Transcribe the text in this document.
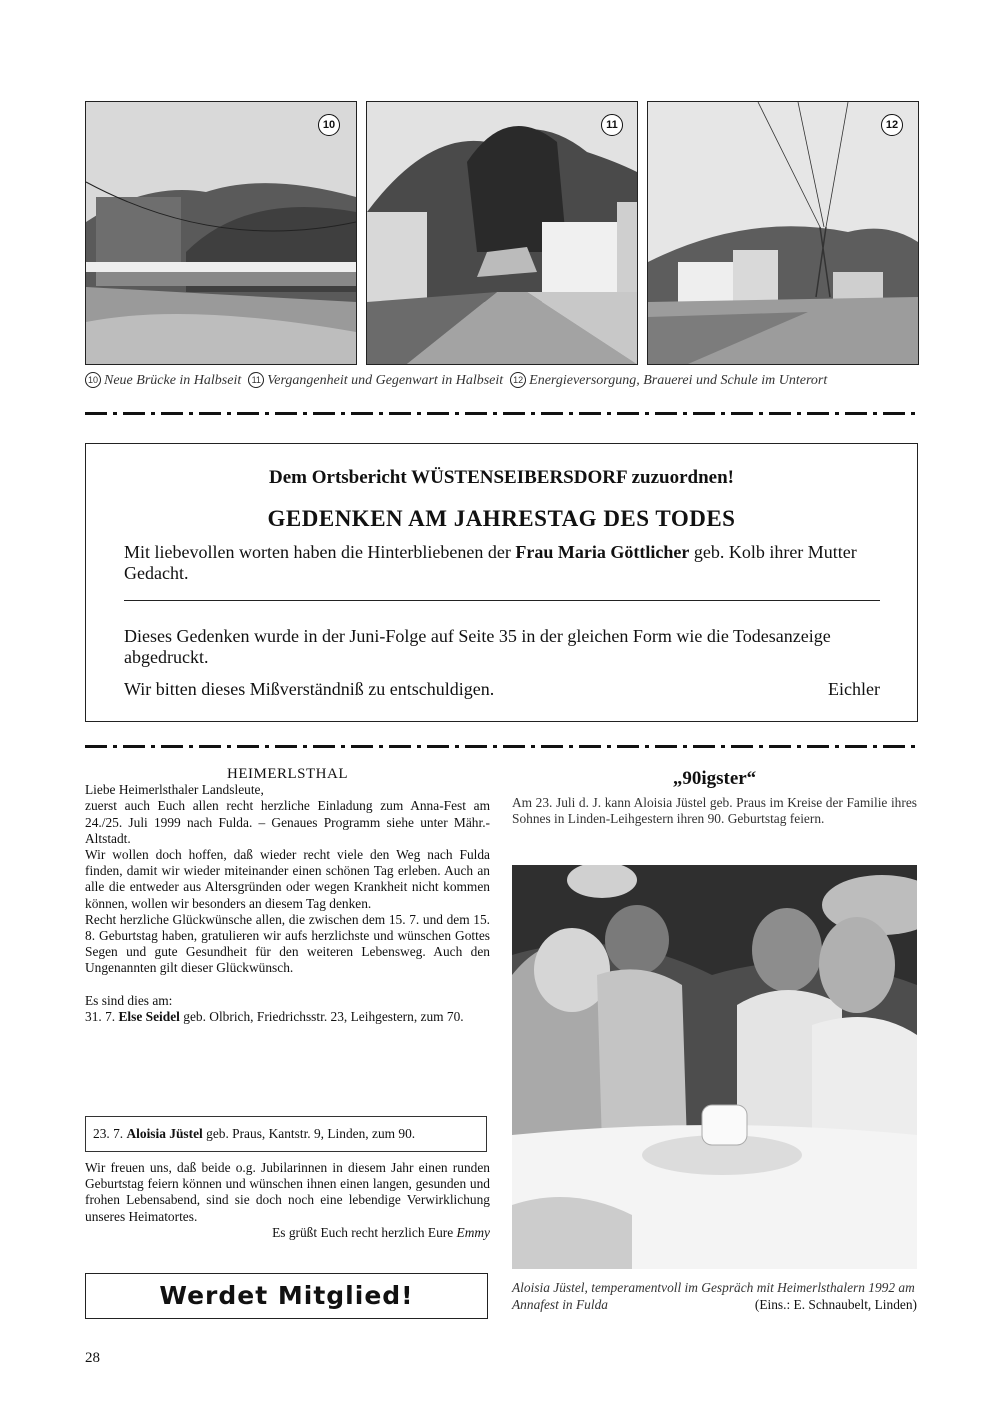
10	11	12
10 Neue Brücke in Halbseit 11 Vergangenheit und Gegenwart in Halbseit 12 Energieversorgung, Brauerei und Schule im Unterort
Dem Ortsbericht WÜSTENSEIBERSDORF zuzuordnen!
GEDENKEN AM JAHRESTAG DES TODES
Mit liebevollen worten haben die Hinterbliebenen der Frau Maria Göttlicher geb. Kolb ihrer Mutter Gedacht.
Dieses Gedenken wurde in der Juni-Folge auf Seite 35 in der gleichen Form wie die Todesanzeige abgedruckt.
Wir bitten dieses Mißverständniß zu entschuldigen.	Eichler
HEIMERLSTHAL

Liebe Heimerlsthaler Landsleute,

zuerst auch Euch allen recht herzliche Einladung zum Anna-Fest am 24./25. Juli 1999 nach Fulda. – Genaues Programm siehe unter Mähr.-Altstadt.

Wir wollen doch hoffen, daß wieder recht viele den Weg nach Fulda finden, damit wir wieder miteinander einen schönen Tag erleben. Auch an alle die entweder aus Altersgründen oder wegen Krankheit nicht kommen können, wollen wir besonders an diesem Tag denken.

Recht herzliche Glückwünsche allen, die zwischen dem 15. 7. und dem 15. 8. Geburtstag haben, gratulieren wir aufs herzlichste und wünschen Gottes Segen und gute Gesundheit für den weiteren Lebensweg. Auch den Ungenannten gilt dieser Glückwünsch.

Es sind dies am:

31. 7. Else Seidel geb. Olbrich, Friedrichsstr. 23, Leihgestern, zum 70.

23. 7. Aloisia Jüstel geb. Praus, Kantstr. 9, Linden, zum 90.

Wir freuen uns, daß beide o.g. Jubilarinnen in diesem Jahr einen runden Geburtstag feiern können und wünschen ihnen einen langen, gesunden und frohen Lebensabend, sind sie doch noch eine lebendige Verwirklichung unseres Heimatortes.

Es grüßt Euch recht herzlich Eure Emmy

Werdet Mitglied!
„90igster“
Am 23. Juli d. J. kann Aloisia Jüstel geb. Praus im Kreise der Familie ihres Sohnes in Linden-Leihgestern ihren 90. Geburtstag feiern.
Aloisia Jüstel, temperamentvoll im Gespräch mit Heimerlsthalern 1992 am Annafest in Fulda	(Eins.: E. Schnaubelt, Linden)
28
